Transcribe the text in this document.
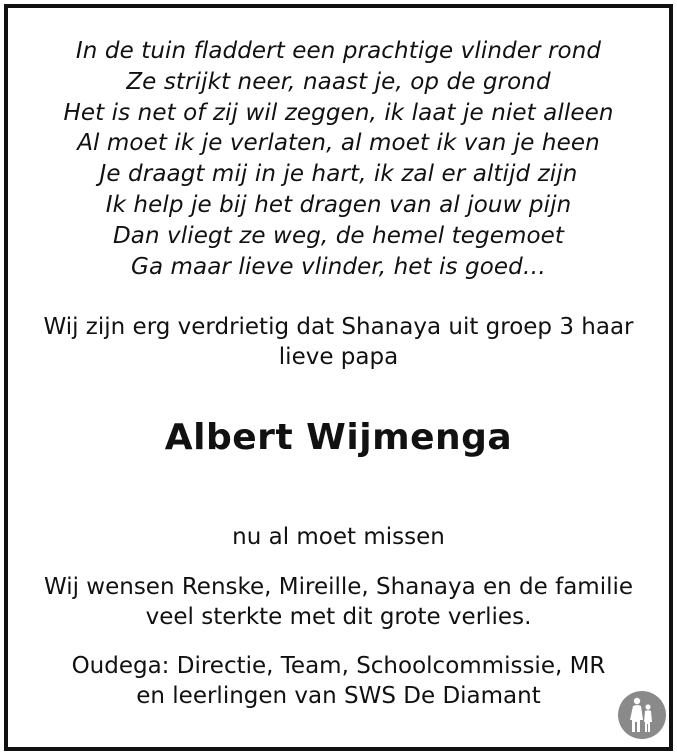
In de tuin fladdert een prachtige vlinder rond
Ze strijkt neer, naast je, op de grond
Het is net of zij wil zeggen, ik laat je niet alleen
Al moet ik je verlaten, al moet ik van je heen
Je draagt mij in je hart, ik zal er altijd zijn
Ik help je bij het dragen van al jouw pijn
Dan vliegt ze weg, de hemel tegemoet
Ga maar lieve vlinder, het is goed…
Wij zijn erg verdrietig dat Shanaya uit groep 3 haar
lieve papa
Albert Wijmenga
nu al moet missen
Wij wensen Renske, Mireille, Shanaya en de familie
veel sterkte met dit grote verlies.
Oudega: Directie, Team, Schoolcommissie, MR
en leerlingen van SWS De Diamant
